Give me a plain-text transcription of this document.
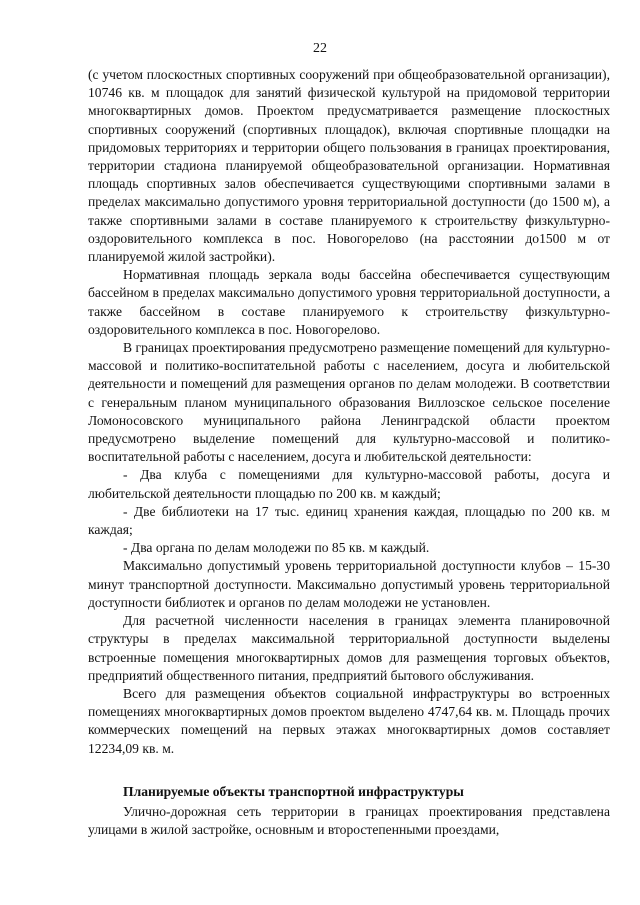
22

(с учетом плоскостных спортивных сооружений при общеобразовательной организации), 10746 кв. м площадок для занятий физической культурой на придомовой территории многоквартирных домов. Проектом предусматривается размещение плоскостных спортивных сооружений (спортивных площадок), включая спортивные площадки на придомовых территориях и территории общего пользования в границах проектирования, территории стадиона планируемой общеобразовательной организации. Нормативная площадь спортивных залов обеспечивается существующими спортивными залами в пределах максимально допустимого уровня территориальной доступности (до 1500 м), а также спортивными залами в составе планируемого к строительству физкультурно-оздоровительного комплекса в пос. Новогорелово (на расстоянии до1500 м от планируемой жилой застройки).

Нормативная площадь зеркала воды бассейна обеспечивается существующим бассейном в пределах максимально допустимого уровня территориальной доступности, а также бассейном в составе планируемого к строительству физкультурно-оздоровительного комплекса в пос. Новогорелово.

В границах проектирования предусмотрено размещение помещений для культурно-массовой и политико-воспитательной работы с населением, досуга и любительской деятельности и помещений для размещения органов по делам молодежи. В соответствии с генеральным планом муниципального образования Виллозское сельское поселение Ломоносовского муниципального района Ленинградской области проектом предусмотрено выделение помещений для культурно-массовой и политико-воспитательной работы с населением, досуга и любительской деятельности:

- Два клуба с помещениями для культурно-массовой работы, досуга и любительской деятельности площадью по 200 кв. м каждый;

- Две библиотеки на 17 тыс. единиц хранения каждая, площадью по 200 кв. м каждая;

- Два органа по делам молодежи по 85 кв. м каждый.

Максимально допустимый уровень территориальной доступности клубов – 15-30 минут транспортной доступности. Максимально допустимый уровень территориальной доступности библиотек и органов по делам молодежи не установлен.

Для расчетной численности населения в границах элемента планировочной структуры в пределах максимальной территориальной доступности выделены встроенные помещения многоквартирных домов для размещения торговых объектов, предприятий общественного питания, предприятий бытового обслуживания.

Всего для размещения объектов социальной инфраструктуры во встроенных помещениях многоквартирных домов проектом выделено 4747,64 кв. м. Площадь прочих коммерческих помещений на первых этажах многоквартирных домов составляет 12234,09 кв. м.

Планируемые объекты транспортной инфраструктуры

Улично-дорожная сеть территории в границах проектирования представлена улицами в жилой застройке, основным и второстепенными проездами,
